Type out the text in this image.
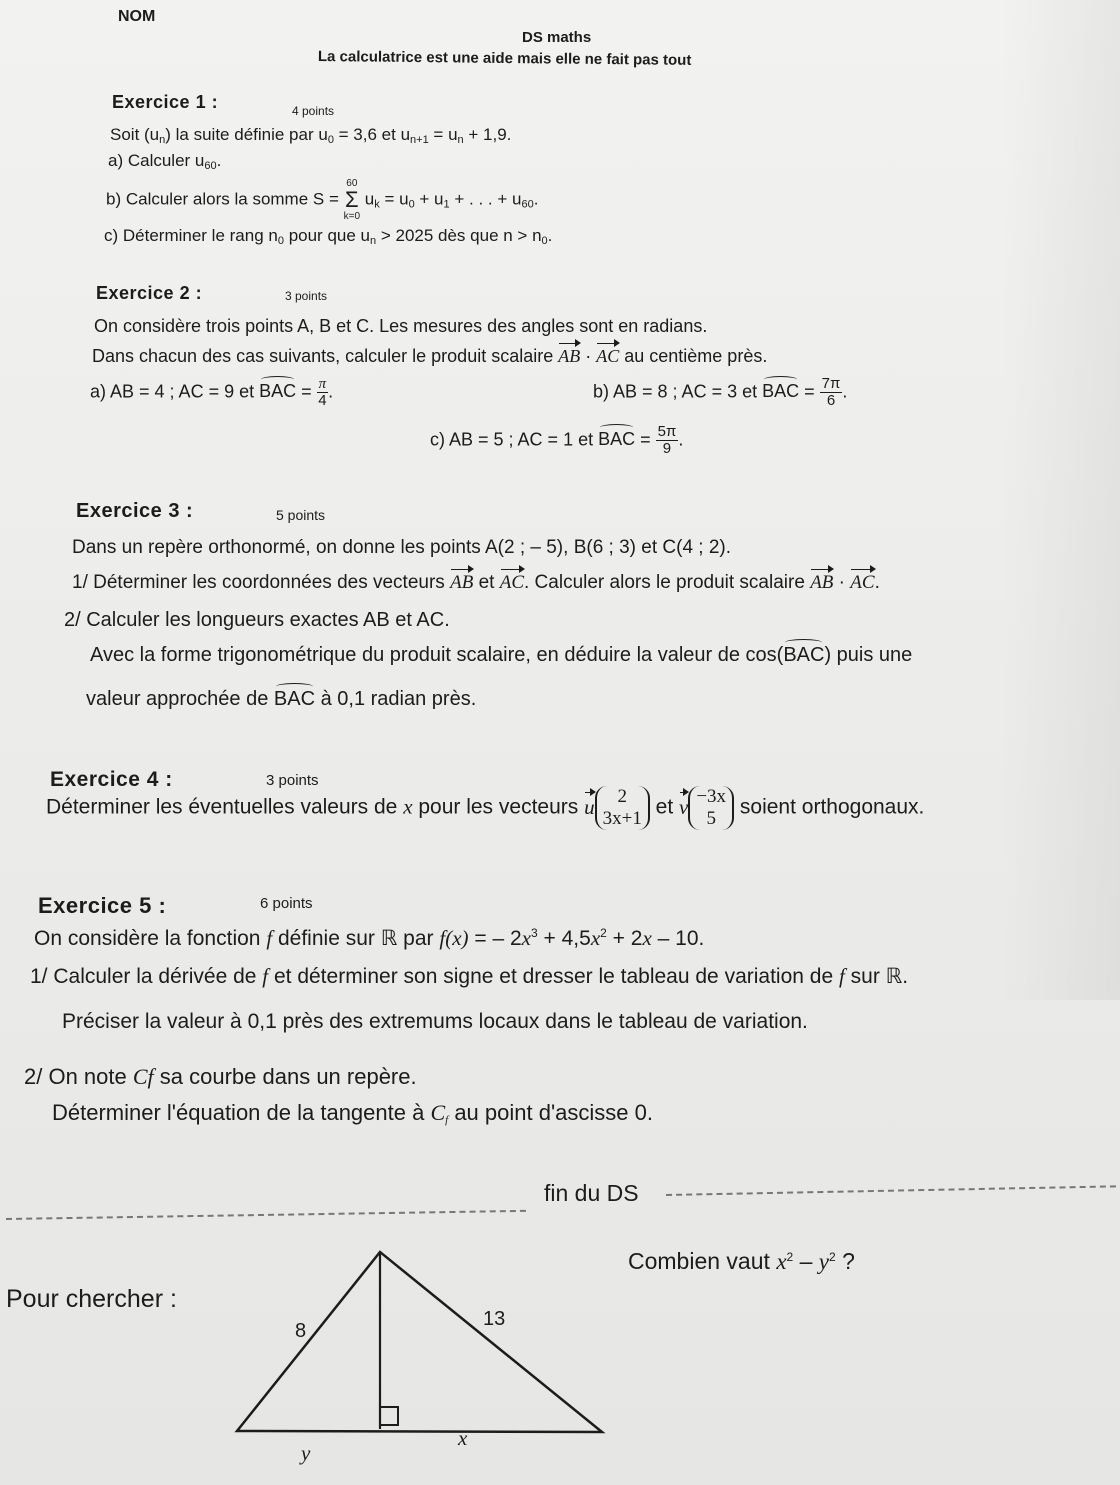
NOM
DS maths
La calculatrice est une aide mais elle ne fait pas tout
Exercice 1 :	4 points
Soit $(u_n)$ la suite définie par $u_0 = 3,6$ et $u_{n+1} = u_n + 1,9$.
a) Calculer $u_{60}$.
b) Calculer alors la somme S =
60
Σ
k=0
$u_k = u_0 + u_1$ + . . . + $u_{60}$.
c) Déterminer le rang $n_0$ pour que $u_n > 2025$ dès que $n > n_0$.
Exercice 2 :	3 points
On considère trois points A, B et C. Les mesures des angles sont en radians.
Dans chacun des cas suivants, calculer le produit scalaire AB · AC au centième près.
a) AB = 4 ; AC = 9 et BAC = $\frac{\pi}{4}$ .	b) AB = 8 ; AC = 3 et BAC = $\frac{7\pi}{6}$ .
c) AB = 5 ; AC = 1 et BAC = $\frac{5\pi}{9}$ .
Exercice 3 :	5 points
Dans un repère orthonormé, on donne les points A(2 ; – 5), B(6 ; 3) et C(4 ; 2).
1/ Déterminer les coordonnées des vecteurs AB et AC. Calculer alors le produit scalaire AB · AC.
2/ Calculer les longueurs exactes AB et AC.
Avec la forme trigonométrique du produit scalaire, en déduire la valeur de cos(BAC) puis une
valeur approchée de BAC à 0,1 radian près.
Exercice 4 :	3 points
Déterminer les éventuelles valeurs de x pour les vecteurs u	2
3x+1 et v −3x
5 soient orthogonaux.
Exercice 5 :	6 points
On considère la fonction f définie sur ℝ par f(x) = – $2x^3 + 4,5x^2 + 2x - 10$.
1/ Calculer la dérivée de f et déterminer son signe et dresser le tableau de variation de f sur ℝ.
Préciser la valeur à 0,1 près des extremums locaux dans le tableau de variation.
2/ On note Cf sa courbe dans un repère.
Déterminer l'équation de la tangente à $C_f$ au point d'ascisse 0.
fin du DS
Pour chercher :
Combien vaut $x^2 - y^2$ ?
8
13
x
y
